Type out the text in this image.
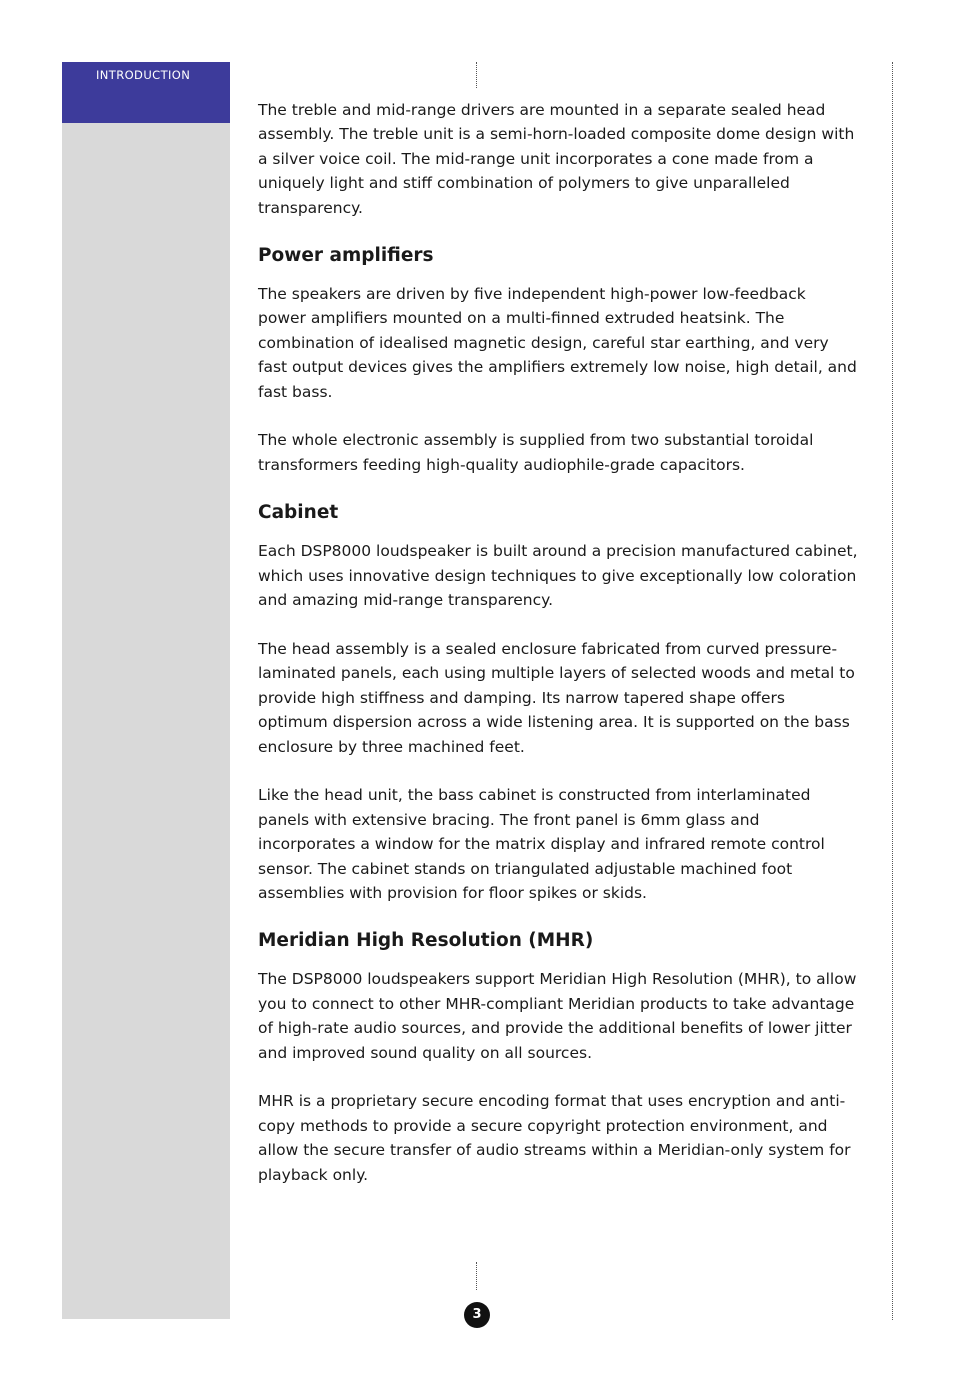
INTRODUCTION

The treble and mid-range drivers are mounted in a separate sealed head assembly. The treble unit is a semi-horn-loaded composite dome design with a silver voice coil. The mid-range unit incorporates a cone made from a uniquely light and stiff combination of polymers to give unparalleled transparency.

Power amplifiers

The speakers are driven by five independent high-power low-feedback power amplifiers mounted on a multi-finned extruded heatsink. The combination of idealised magnetic design, careful star earthing, and very fast output devices gives the amplifiers extremely low noise, high detail, and fast bass.

The whole electronic assembly is supplied from two substantial toroidal transformers feeding high-quality audiophile-grade capacitors.

Cabinet

Each DSP8000 loudspeaker is built around a precision manufactured cabinet, which uses innovative design techniques to give exceptionally low coloration and amazing mid-range transparency.

The head assembly is a sealed enclosure fabricated from curved pressure-laminated panels, each using multiple layers of selected woods and metal to provide high stiffness and damping. Its narrow tapered shape offers optimum dispersion across a wide listening area. It is supported on the bass enclosure by three machined feet.

Like the head unit, the bass cabinet is constructed from interlaminated panels with extensive bracing. The front panel is 6mm glass and incorporates a window for the matrix display and infrared remote control sensor. The cabinet stands on triangulated adjustable machined foot assemblies with provision for floor spikes or skids.

Meridian High Resolution (MHR)

The DSP8000 loudspeakers support Meridian High Resolution (MHR), to allow you to connect to other MHR-compliant Meridian products to take advantage of high-rate audio sources, and provide the additional benefits of lower jitter and improved sound quality on all sources.

MHR is a proprietary secure encoding format that uses encryption and anti-copy methods to provide a secure copyright protection environment, and allow the secure transfer of audio streams within a Meridian-only system for playback only.

3
